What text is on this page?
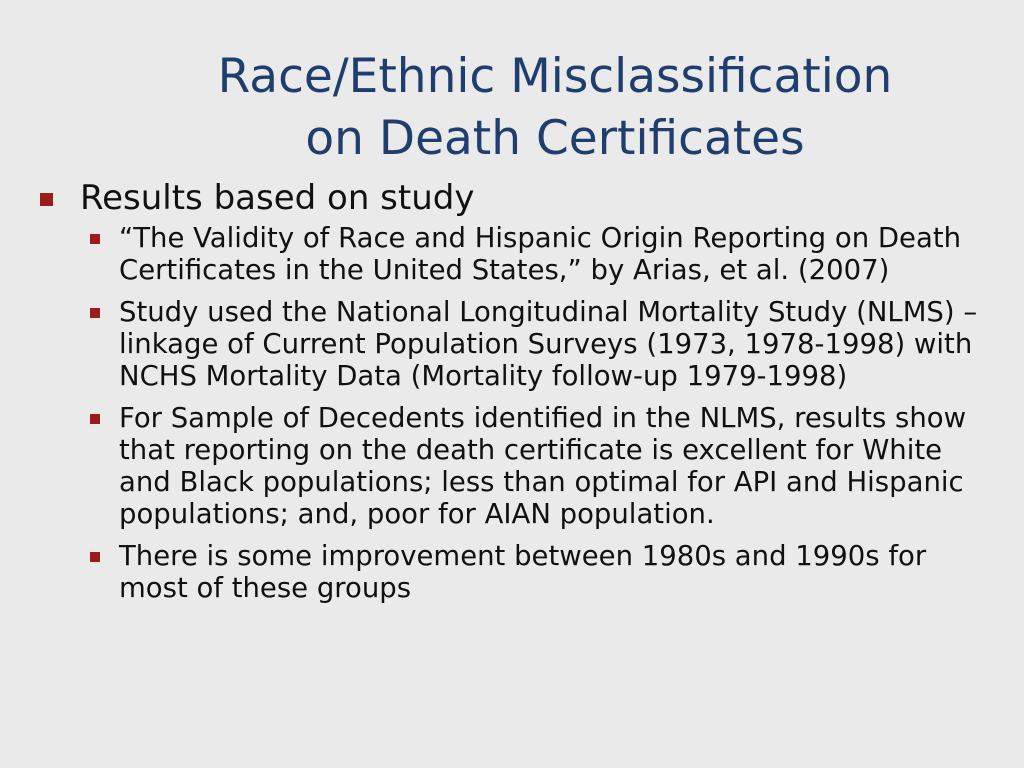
Race/Ethnic Misclassification
on Death Certificates
Results based on study
“The Validity of Race and Hispanic Origin Reporting on Death Certificates in the United States,” by Arias, et al. (2007)
Study used the National Longitudinal Mortality Study (NLMS) – linkage of Current Population Surveys (1973, 1978-1998) with NCHS Mortality Data (Mortality follow-up 1979-1998)
For Sample of Decedents identified in the NLMS, results show that reporting on the death certificate is excellent for White and Black populations; less than optimal for API and Hispanic populations; and, poor for AIAN population.
There is some improvement between 1980s and 1990s for most of these groups
